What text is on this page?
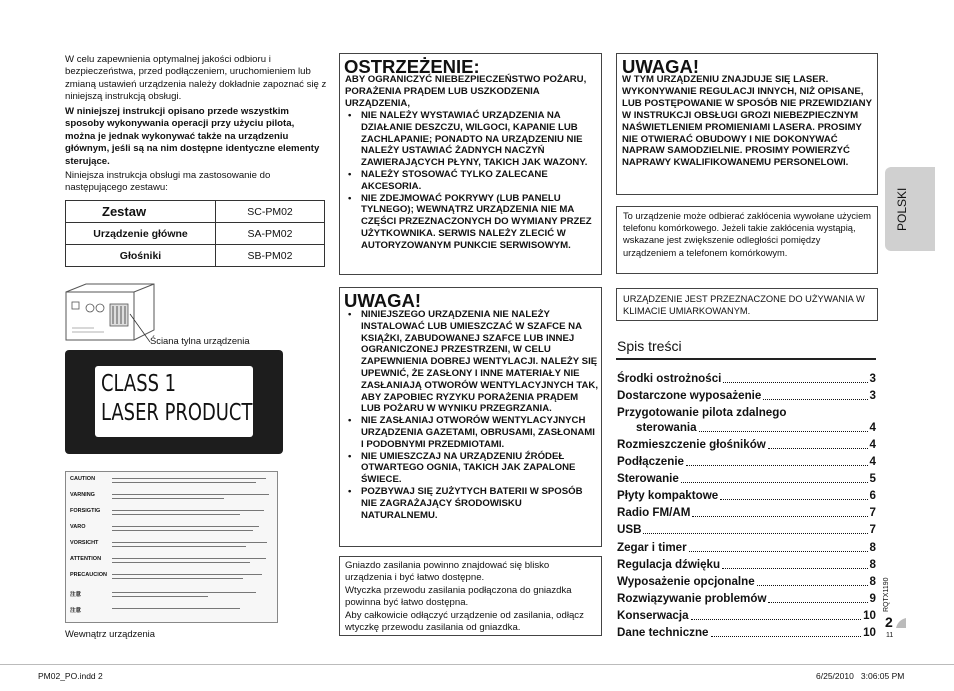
W celu zapewnienia optymalnej jakości odbioru i bezpieczeństwa, przed podłączeniem, uruchomieniem lub zmianą ustawień urządzenia należy dokładnie zapoznać się z niniejszą instrukcją obsługi.

W niniejszej instrukcji opisano przede wszystkim sposoby wykonywania operacji przy użyciu pilota, można je jednak wykonywać także na urządzeniu głównym, jeśli są na nim dostępne identyczne elementy sterujące.

Niniejsza instrukcja obsługi ma zastosowanie do następującego zestawu:

Zestaw	SC-PM02
Urządzenie główne	SA-PM02
Głośniki	SB-PM02
Ściana tylna urządzenia
CLASS 1
LASER PRODUCT
CAUTION
VARNING
FORSIGTIG
VARO
VORSICHT
ATTENTION
PRECAUCION
注意
注意
Wewnątrz urządzenia
OSTRZEŻENIE:
ABY OGRANICZYĆ NIEBEZPIECZEŃSTWO POŻARU, PORAŻENIA PRĄDEM LUB USZKODZENIA URZĄDZENIA,
• NIE NALEŻY WYSTAWIAĆ URZĄDZENIA NA DZIAŁANIE DESZCZU, WILGOCI, KAPANIE LUB ZACHLAPANIE; PONADTO NA URZĄDZENIU NIE NALEŻY USTAWIAĆ ŻADNYCH NACZYŃ ZAWIERAJĄCYCH PŁYNY, TAKICH JAK WAZONY.
• NALEŻY STOSOWAĆ TYLKO ZALECANE AKCESORIA.
• NIE ZDEJMOWAĆ POKRYWY (LUB PANELU TYLNEGO); WEWNĄTRZ URZĄDZENIA NIE MA CZĘŚCI PRZEZNACZONYCH DO WYMIANY PRZEZ UŻYTKOWNIKA. SERWIS NALEŻY ZLECIĆ W AUTORYZOWANYM PUNKCIE SERWISOWYM.
UWAGA!
• NINIEJSZEGO URZĄDZENIA NIE NALEŻY INSTALOWAĆ LUB UMIESZCZAĆ W SZAFCE NA KSIĄŻKI, ZABUDOWANEJ SZAFCE LUB INNEJ OGRANICZONEJ PRZESTRZENI, W CELU ZAPEWNIENIA DOBREJ WENTYLACJI. NALEŻY SIĘ UPEWNIĆ, ŻE ZASŁONY I INNE MATERIAŁY NIE ZASŁANIAJĄ OTWORÓW WENTYLACYJNYCH TAK, ABY ZAPOBIEC RYZYKU PORAŻENIA PRĄDEM LUB POŻARU W WYNIKU PRZEGRZANIA.
• NIE ZASŁANIAJ OTWORÓW WENTYLACYJNYCH URZĄDZENIA GAZETAMI, OBRUSAMI, ZASŁONAMI I PODOBNYMI PRZEDMIOTAMI.
• NIE UMIESZCZAJ NA URZĄDZENIU ŹRÓDEŁ OTWARTEGO OGNIA, TAKICH JAK ZAPALONE ŚWIECE.
• POZBYWAJ SIĘ ZUŻYTYCH BATERII W SPOSÓB NIE ZAGRAŻAJĄCY ŚRODOWISKU NATURALNEMU.

Gniazdo zasilania powinno znajdować się blisko urządzenia i być łatwo dostępne.

Wtyczka przewodu zasilania podłączona do gniazdka powinna być łatwo dostępna.

Aby całkowicie odłączyć urządzenie od zasilania, odłącz wtyczkę przewodu zasilania od gniazdka.

UWAGA!
W TYM URZĄDZENIU ZNAJDUJE SIĘ LASER. WYKONYWANIE REGULACJI INNYCH, NIŻ OPISANE, LUB POSTĘPOWANIE W SPOSÓB NIE PRZEWIDZIANY W INSTRUKCJI OBSŁUGI GROZI NIEBEZPIECZNYM NAŚWIETLENIEM PROMIENIAMI LASERA. PROSIMY NIE OTWIERAĆ OBUDOWY I NIE DOKONYWAĆ NAPRAW SAMODZIELNIE. PROSIMY POWIERZYĆ NAPRAWY KWALIFIKOWANEMU PERSONELOWI.

To urządzenie może odbierać zakłócenia wywołane użyciem telefonu komórkowego. Jeżeli takie zakłócenia wystąpią, wskazane jest zwiększenie odległości pomiędzy urządzeniem a telefonem komórkowym.

URZĄDZENIE JEST PRZEZNACZONE DO UŻYWANIA W KLIMACIE UMIARKOWANYM.

Spis treści
Środki ostrożności	3
Dostarczone wyposażenie	3
Przygotowanie pilota zdalnego
sterowania	4
Rozmieszczenie głośników	4
Podłączenie	4
Sterowanie	5
Płyty kompaktowe	6
Radio FM/AM	7
USB	7
Zegar i timer	8
Regulacja dźwięku	8
Wyposażenie opcjonalne	8
Rozwiązywanie problemów	9
Konserwacja	10
Dane techniczne	10
POLSKI
RQTX1190
2
11
PM02_PO.indd 2	6/25/2010   3:06:05 PM
